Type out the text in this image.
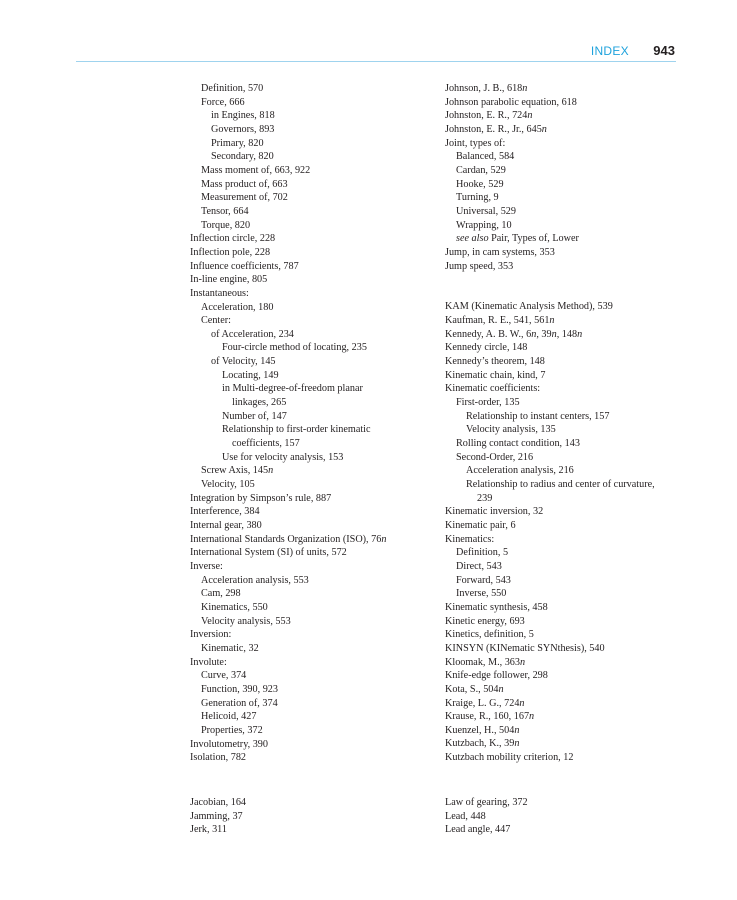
INDEX 943
Definition, 570
Force, 666
in Engines, 818
Governors, 893
Primary, 820
Secondary, 820
Mass moment of, 663, 922
Mass product of, 663
Measurement of, 702
Tensor, 664
Torque, 820
Inflection circle, 228
Inflection pole, 228
Influence coefficients, 787
In-line engine, 805
Instantaneous:
Acceleration, 180
Center:
of Acceleration, 234
Four-circle method of locating, 235
of Velocity, 145
Locating, 149
in Multi-degree-of-freedom planar
linkages, 265
Number of, 147
Relationship to first-order kinematic
coefficients, 157
Use for velocity analysis, 153
Screw Axis, 145n
Velocity, 105
Integration by Simpson’s rule, 887
Interference, 384
Internal gear, 380
International Standards Organization (ISO), 76n
International System (SI) of units, 572
Inverse:
Acceleration analysis, 553
Cam, 298
Kinematics, 550
Velocity analysis, 553
Inversion:
Kinematic, 32
Involute:
Curve, 374
Function, 390, 923
Generation of, 374
Helicoid, 427
Properties, 372
Involutometry, 390
Isolation, 782
Johnson, J. B., 618n
Johnson parabolic equation, 618
Johnston, E. R., 724n
Johnston, E. R., Jr., 645n
Joint, types of:
Balanced, 584
Cardan, 529
Hooke, 529
Turning, 9
Universal, 529
Wrapping, 10
see also Pair, Types of, Lower
Jump, in cam systems, 353
Jump speed, 353
KAM (Kinematic Analysis Method), 539
Kaufman, R. E., 541, 561n
Kennedy, A. B. W., 6n, 39n, 148n
Kennedy circle, 148
Kennedy’s theorem, 148
Kinematic chain, kind, 7
Kinematic coefficients:
First-order, 135
Relationship to instant centers, 157
Velocity analysis, 135
Rolling contact condition, 143
Second-Order, 216
Acceleration analysis, 216
Relationship to radius and center of curvature,
239
Kinematic inversion, 32
Kinematic pair, 6
Kinematics:
Definition, 5
Direct, 543
Forward, 543
Inverse, 550
Kinematic synthesis, 458
Kinetic energy, 693
Kinetics, definition, 5
KINSYN (KINematic SYNthesis), 540
Kloomak, M., 363n
Knife-edge follower, 298
Kota, S., 504n
Kraige, L. G., 724n
Krause, R., 160, 167n
Kuenzel, H., 504n
Kutzbach, K., 39n
Kutzbach mobility criterion, 12
Jacobian, 164
Jamming, 37
Jerk, 311
Law of gearing, 372
Lead, 448
Lead angle, 447
